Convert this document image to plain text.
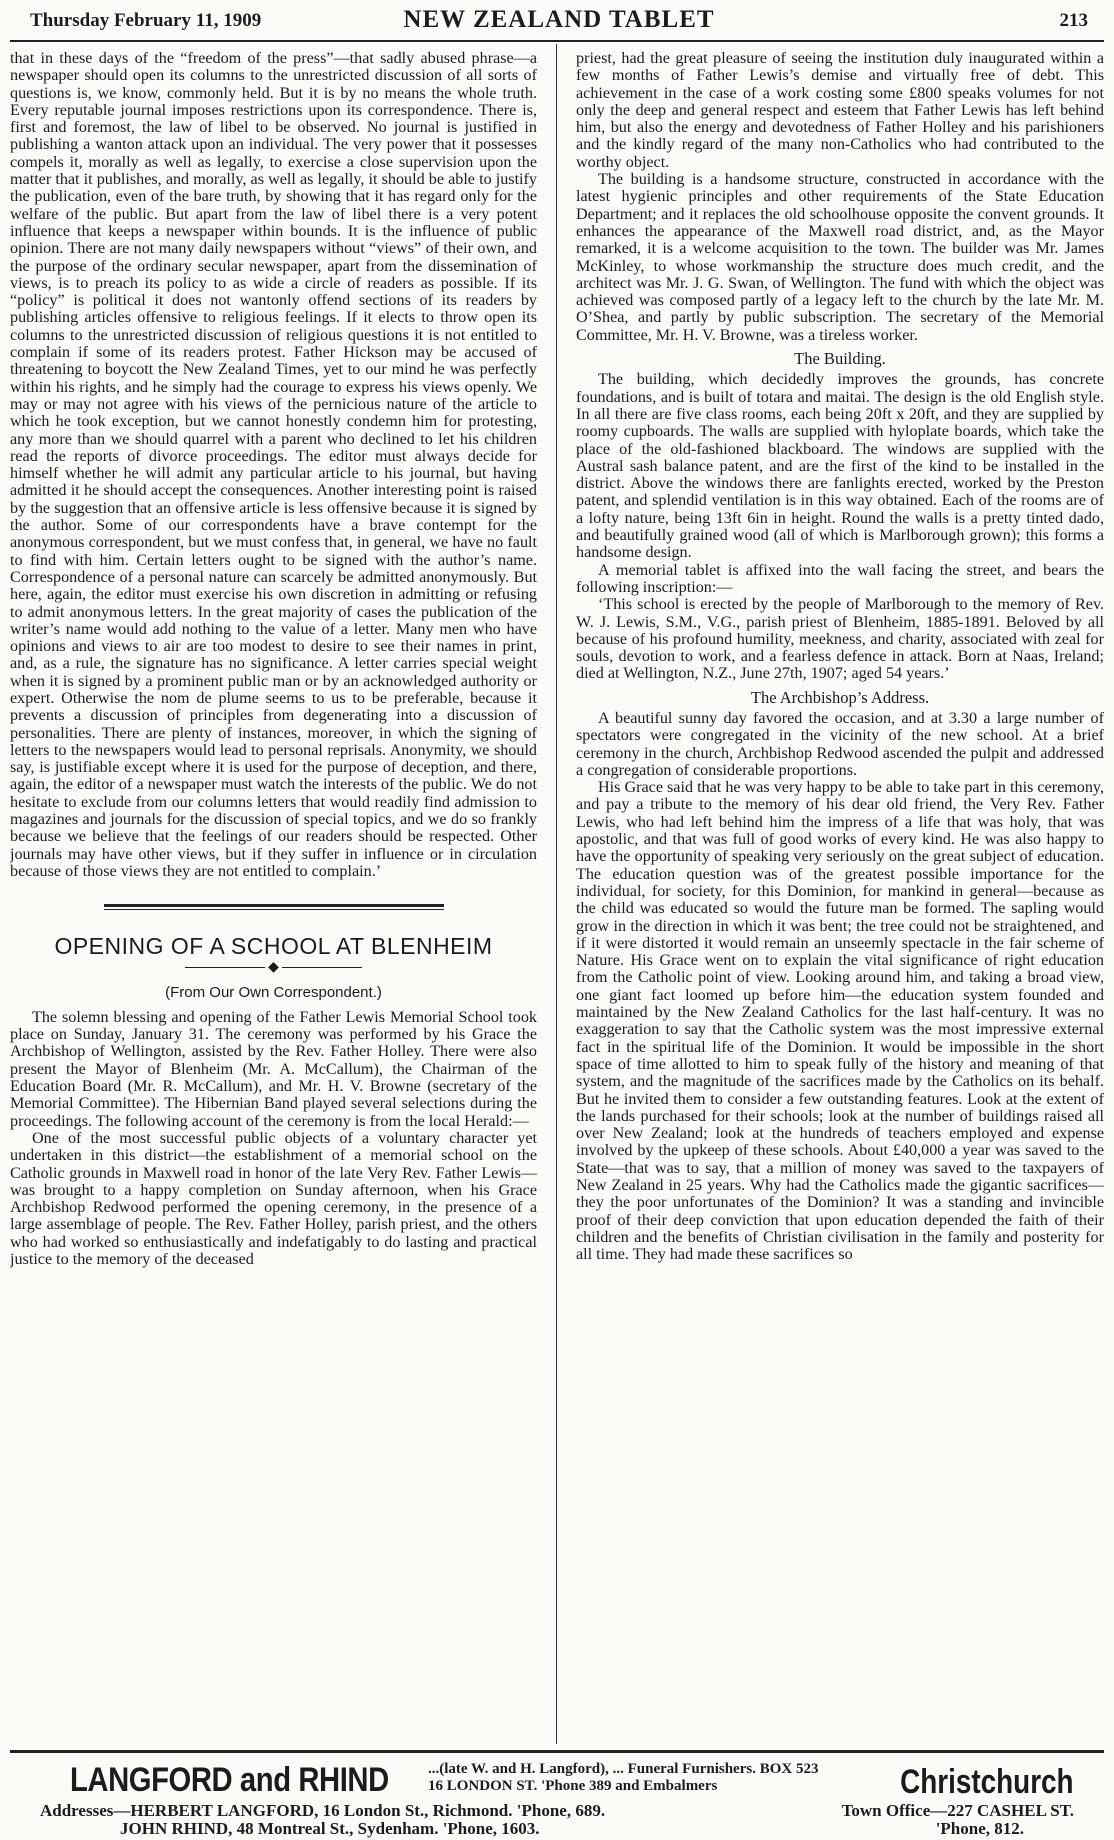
Thursday February 11, 1909	NEW ZEALAND TABLET	213

that in these days of the “freedom of the press”—that sadly abused phrase—a newspaper should open its columns to the unrestricted discussion of all sorts of questions is, we know, commonly held. But it is by no means the whole truth. Every reputable journal imposes restrictions upon its correspondence. There is, first and foremost, the law of libel to be observed. No journal is justified in publishing a wanton attack upon an individual. The very power that it possesses compels it, morally as well as legally, to exercise a close supervision upon the matter that it publishes, and morally, as well as legally, it should be able to justify the publication, even of the bare truth, by showing that it has regard only for the welfare of the public. But apart from the law of libel there is a very potent influence that keeps a newspaper within bounds. It is the influence of public opinion. There are not many daily newspapers without “views” of their own, and the purpose of the ordinary secular newspaper, apart from the dissemination of views, is to preach its policy to as wide a circle of readers as possible. If its “policy” is political it does not wantonly offend sections of its readers by publishing articles offensive to religious feelings. If it elects to throw open its columns to the unrestricted discussion of religious questions it is not entitled to complain if some of its readers protest. Father Hickson may be accused of threatening to boycott the New Zealand Times, yet to our mind he was perfectly within his rights, and he simply had the courage to express his views openly. We may or may not agree with his views of the pernicious nature of the article to which he took exception, but we cannot honestly condemn him for protesting, any more than we should quarrel with a parent who declined to let his children read the reports of divorce proceedings. The editor must always decide for himself whether he will admit any particular article to his journal, but having admitted it he should accept the consequences. Another interesting point is raised by the suggestion that an offensive article is less offensive because it is signed by the author. Some of our correspondents have a brave contempt for the anonymous correspondent, but we must confess that, in general, we have no fault to find with him. Certain letters ought to be signed with the author’s name. Correspondence of a personal nature can scarcely be admitted anonymously. But here, again, the editor must exercise his own discretion in admitting or refusing to admit anonymous letters. In the great majority of cases the publication of the writer’s name would add nothing to the value of a letter. Many men who have opinions and views to air are too modest to desire to see their names in print, and, as a rule, the signature has no significance. A letter carries special weight when it is signed by a prominent public man or by an acknowledged authority or expert. Otherwise the nom de plume seems to us to be preferable, because it prevents a discussion of principles from degenerating into a discussion of personalities. There are plenty of instances, moreover, in which the signing of letters to the newspapers would lead to personal reprisals. Anonymity, we should say, is justifiable except where it is used for the purpose of deception, and there, again, the editor of a newspaper must watch the interests of the public. We do not hesitate to exclude from our columns letters that would readily find admission to magazines and journals for the discussion of special topics, and we do so frankly because we believe that the feelings of our readers should be respected. Other journals may have other views, but if they suffer in influence or in circulation because of those views they are not entitled to complain.’

OPENING OF A SCHOOL AT BLENHEIM
◆
(From Our Own Correspondent.)

The solemn blessing and opening of the Father Lewis Memorial School took place on Sunday, January 31. The ceremony was performed by his Grace the Archbishop of Wellington, assisted by the Rev. Father Holley. There were also present the Mayor of Blenheim (Mr. A. McCallum), the Chairman of the Education Board (Mr. R. McCallum), and Mr. H. V. Browne (secretary of the Memorial Committee). The Hibernian Band played several selections during the proceedings. The following account of the ceremony is from the local Herald:—

One of the most successful public objects of a voluntary character yet undertaken in this district—the establishment of a memorial school on the Catholic grounds in Maxwell road in honor of the late Very Rev. Father Lewis—was brought to a happy completion on Sunday afternoon, when his Grace Archbishop Redwood performed the opening ceremony, in the presence of a large assemblage of people. The Rev. Father Holley, parish priest, and the others who had worked so enthusiastically and indefatigably to do lasting and practical justice to the memory of the deceased

priest, had the great pleasure of seeing the institution duly inaugurated within a few months of Father Lewis’s demise and virtually free of debt. This achievement in the case of a work costing some £800 speaks volumes for not only the deep and general respect and esteem that Father Lewis has left behind him, but also the energy and devotedness of Father Holley and his parishioners and the kindly regard of the many non-Catholics who had contributed to the worthy object.

The building is a handsome structure, constructed in accordance with the latest hygienic principles and other requirements of the State Education Department; and it replaces the old schoolhouse opposite the convent grounds. It enhances the appearance of the Maxwell road district, and, as the Mayor remarked, it is a welcome acquisition to the town. The builder was Mr. James McKinley, to whose workmanship the structure does much credit, and the architect was Mr. J. G. Swan, of Wellington. The fund with which the object was achieved was composed partly of a legacy left to the church by the late Mr. M. O’Shea, and partly by public subscription. The secretary of the Memorial Committee, Mr. H. V. Browne, was a tireless worker.

The Building.

The building, which decidedly improves the grounds, has concrete foundations, and is built of totara and maitai. The design is the old English style. In all there are five class rooms, each being 20ft x 20ft, and they are supplied by roomy cupboards. The walls are supplied with hyloplate boards, which take the place of the old-fashioned blackboard. The windows are supplied with the Austral sash balance patent, and are the first of the kind to be installed in the district. Above the windows there are fanlights erected, worked by the Preston patent, and splendid ventilation is in this way obtained. Each of the rooms are of a lofty nature, being 13ft 6in in height. Round the walls is a pretty tinted dado, and beautifully grained wood (all of which is Marlborough grown); this forms a handsome design.

A memorial tablet is affixed into the wall facing the street, and bears the following inscription:—

‘This school is erected by the people of Marlborough to the memory of Rev. W. J. Lewis, S.M., V.G., parish priest of Blenheim, 1885-1891. Beloved by all because of his profound humility, meekness, and charity, associated with zeal for souls, devotion to work, and a fearless defence in attack. Born at Naas, Ireland; died at Wellington, N.Z., June 27th, 1907; aged 54 years.’

The Archbishop’s Address.

A beautiful sunny day favored the occasion, and at 3.30 a large number of spectators were congregated in the vicinity of the new school. At a brief ceremony in the church, Archbishop Redwood ascended the pulpit and addressed a congregation of considerable proportions.

His Grace said that he was very happy to be able to take part in this ceremony, and pay a tribute to the memory of his dear old friend, the Very Rev. Father Lewis, who had left behind him the impress of a life that was holy, that was apostolic, and that was full of good works of every kind. He was also happy to have the opportunity of speaking very seriously on the great subject of education. The education question was of the greatest possible importance for the individual, for society, for this Dominion, for mankind in general—because as the child was educated so would the future man be formed. The sapling would grow in the direction in which it was bent; the tree could not be straightened, and if it were distorted it would remain an unseemly spectacle in the fair scheme of Nature. His Grace went on to explain the vital significance of right education from the Catholic point of view. Looking around him, and taking a broad view, one giant fact loomed up before him—the education system founded and maintained by the New Zealand Catholics for the last half-century. It was no exaggeration to say that the Catholic system was the most impressive external fact in the spiritual life of the Dominion. It would be impossible in the short space of time allotted to him to speak fully of the history and meaning of that system, and the magnitude of the sacrifices made by the Catholics on its behalf. But he invited them to consider a few outstanding features. Look at the extent of the lands purchased for their schools; look at the number of buildings raised all over New Zealand; look at the hundreds of teachers employed and expense involved by the upkeep of these schools. About £40,000 a year was saved to the State—that was to say, that a million of money was saved to the taxpayers of New Zealand in 25 years. Why had the Catholics made the gigantic sacrifices—they the poor unfortunates of the Dominion? It was a standing and invincible proof of their deep conviction that upon education depended the faith of their children and the benefits of Christian civilisation in the family and posterity for all time. They had made these sacrifices so

LANGFORD and RHIND	...(late W. and H. Langford), ... Funeral Furnishers. BOX 523
16 LONDON ST. 'Phone 389 and Embalmers	Christchurch
Addresses—HERBERT LANGFORD, 16 London St., Richmond. 'Phone, 689.
JOHN RHIND, 48 Montreal St., Sydenham. 'Phone, 1603.
Town Office—227 CASHEL ST.
'Phone, 812.
